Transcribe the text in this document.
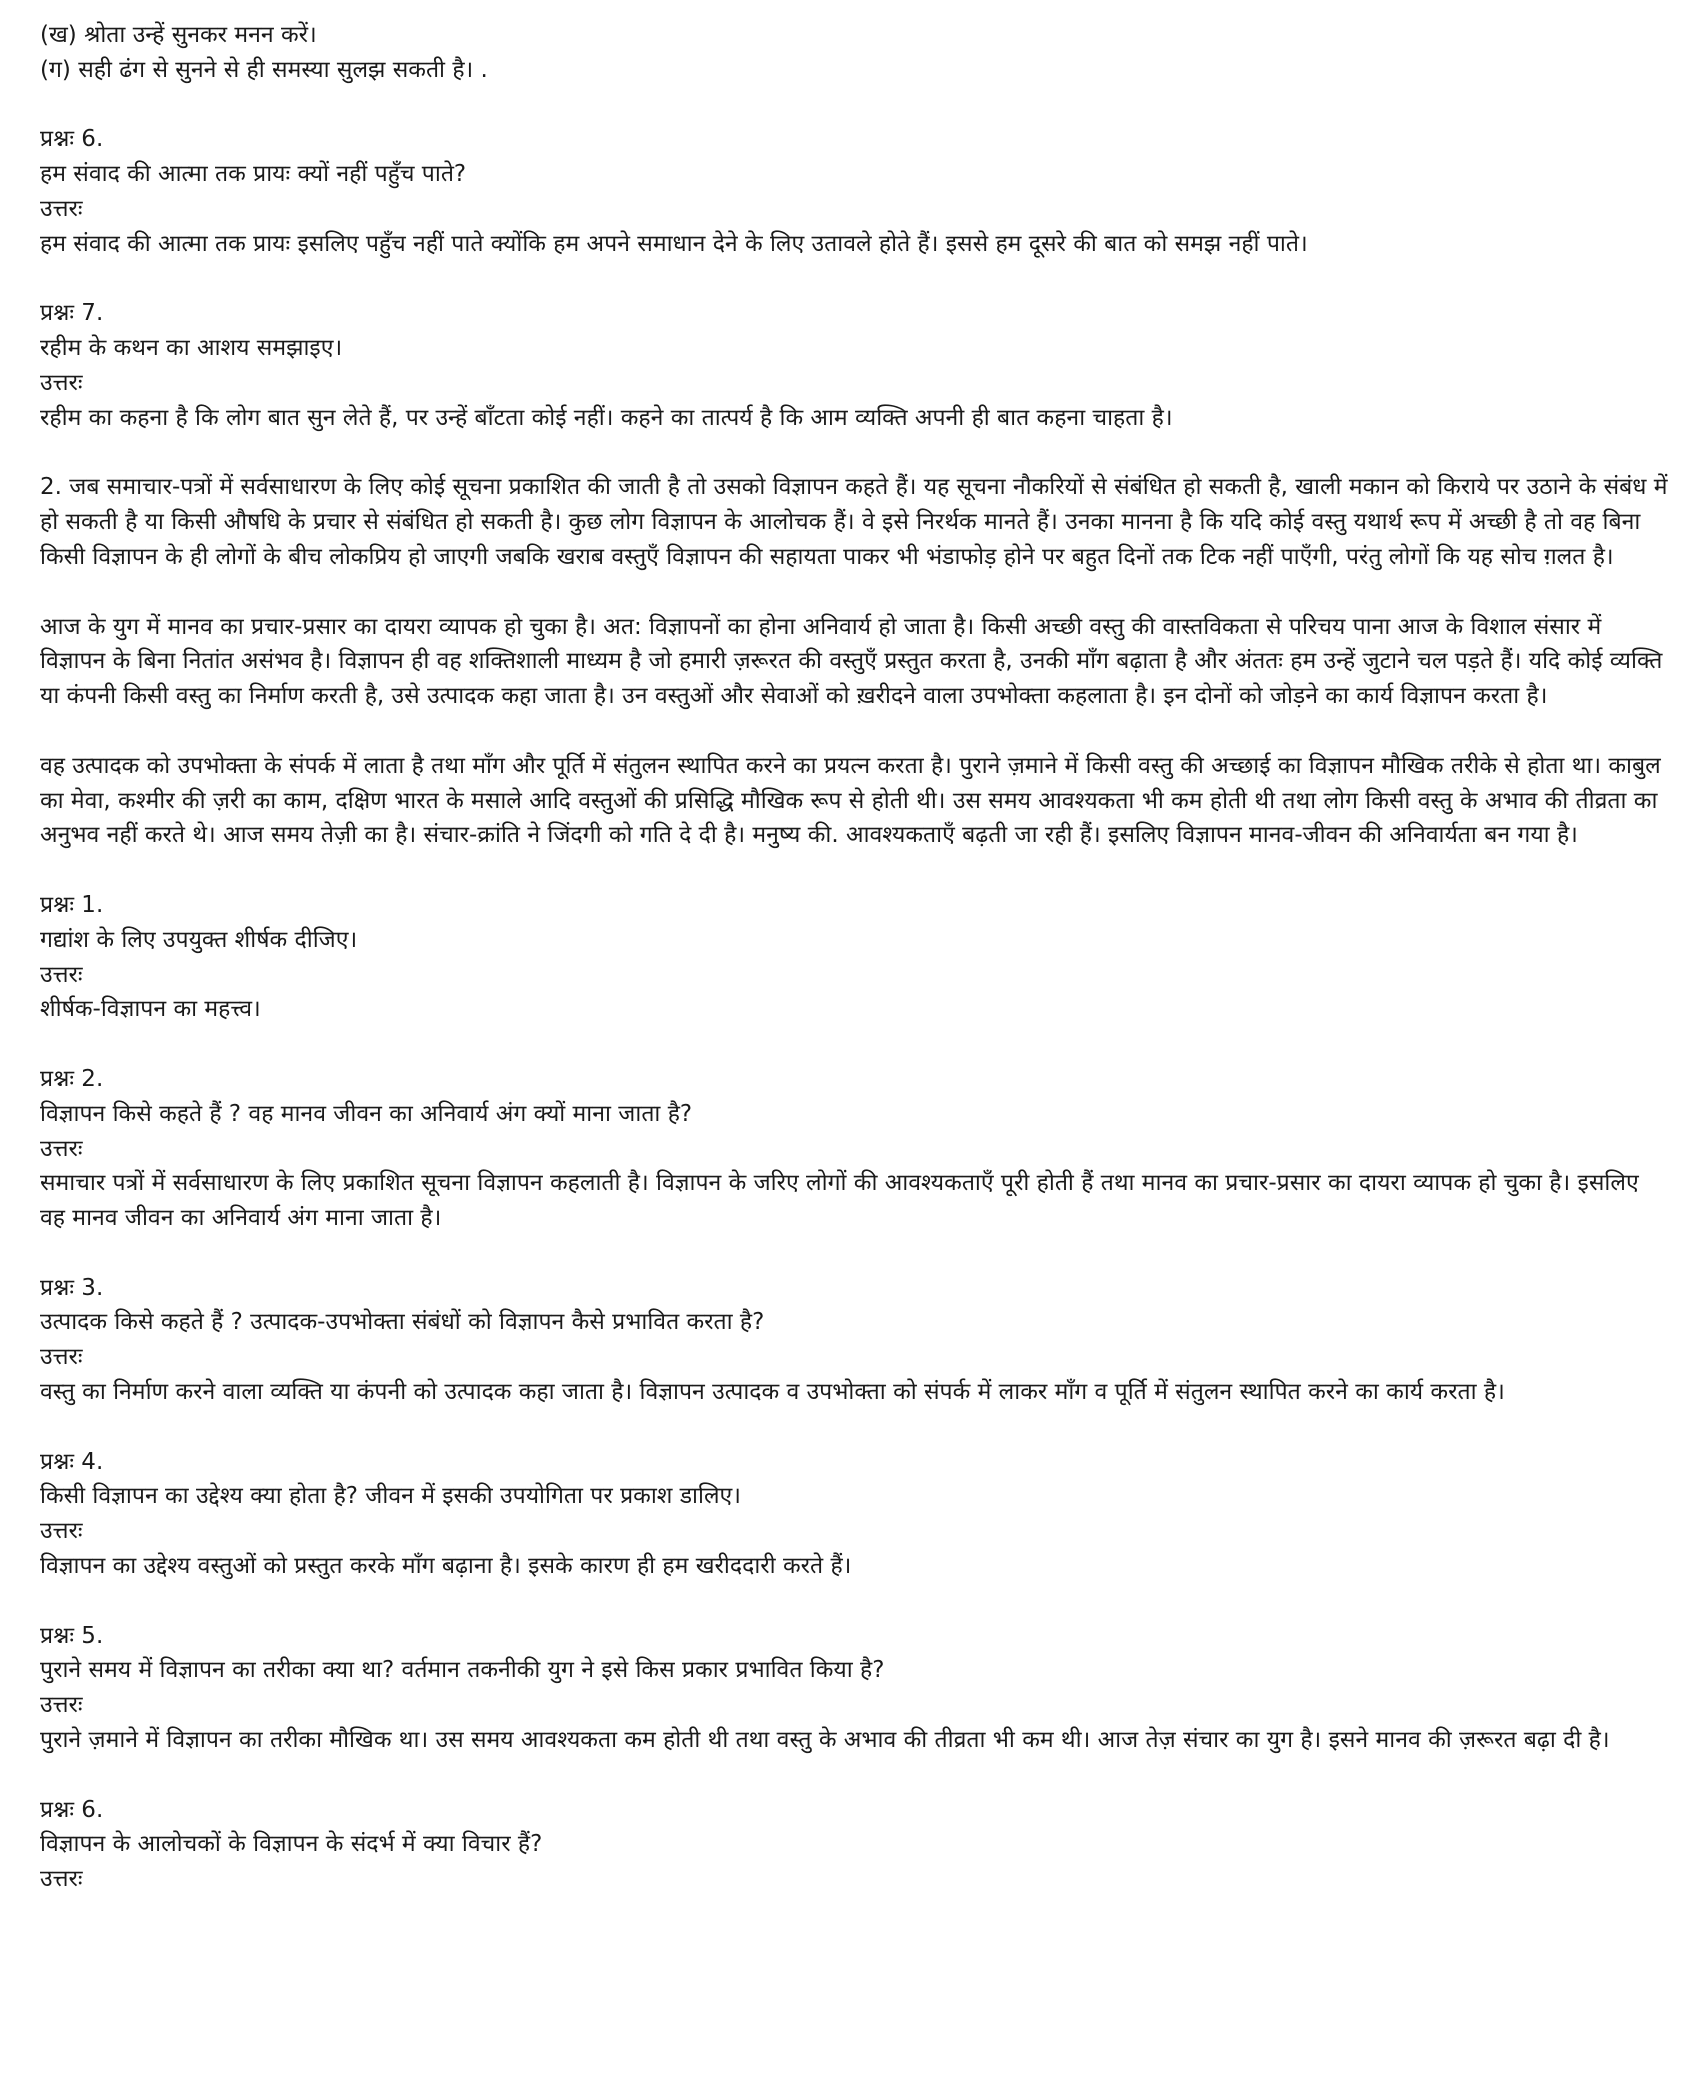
(ख) श्रोता उन्हें सुनकर मनन करें।

(ग) सही ढंग से सुनने से ही समस्या सुलझ सकती है। .

प्रश्नः 6.

हम संवाद की आत्मा तक प्रायः क्यों नहीं पहुँच पाते?

उत्तरः

हम संवाद की आत्मा तक प्रायः इसलिए पहुँच नहीं पाते क्योंकि हम अपने समाधान देने के लिए उतावले होते हैं। इससे हम दूसरे की बात को समझ नहीं पाते।

प्रश्नः 7.

रहीम के कथन का आशय समझाइए।

उत्तरः

रहीम का कहना है कि लोग बात सुन लेते हैं, पर उन्हें बाँटता कोई नहीं। कहने का तात्पर्य है कि आम व्यक्ति अपनी ही बात कहना चाहता है।

2. जब समाचार-पत्रों में सर्वसाधारण के लिए कोई सूचना प्रकाशित की जाती है तो उसको विज्ञापन कहते हैं। यह सूचना नौकरियों से संबंधित हो सकती है, खाली मकान को किराये पर उठाने के संबंध में हो सकती है या किसी औषधि के प्रचार से संबंधित हो सकती है। कुछ लोग विज्ञापन के आलोचक हैं। वे इसे निरर्थक मानते हैं। उनका मानना है कि यदि कोई वस्तु यथार्थ रूप में अच्छी है तो वह बिना किसी विज्ञापन के ही लोगों के बीच लोकप्रिय हो जाएगी जबकि खराब वस्तुएँ विज्ञापन की सहायता पाकर भी भंडाफोड़ होने पर बहुत दिनों तक टिक नहीं पाएँगी, परंतु लोगों कि यह सोच ग़लत है।

आज के युग में मानव का प्रचार-प्रसार का दायरा व्यापक हो चुका है। अत: विज्ञापनों का होना अनिवार्य हो जाता है। किसी अच्छी वस्तु की वास्तविकता से परिचय पाना आज के विशाल संसार में विज्ञापन के बिना नितांत असंभव है। विज्ञापन ही वह शक्तिशाली माध्यम है जो हमारी ज़रूरत की वस्तुएँ प्रस्तुत करता है, उनकी माँग बढ़ाता है और अंततः हम उन्हें जुटाने चल पड़ते हैं। यदि कोई व्यक्ति या कंपनी किसी वस्तु का निर्माण करती है, उसे उत्पादक कहा जाता है। उन वस्तुओं और सेवाओं को ख़रीदने वाला उपभोक्ता कहलाता है। इन दोनों को जोड़ने का कार्य विज्ञापन करता है।

वह उत्पादक को उपभोक्ता के संपर्क में लाता है तथा माँग और पूर्ति में संतुलन स्थापित करने का प्रयत्न करता है। पुराने ज़माने में किसी वस्तु की अच्छाई का विज्ञापन मौखिक तरीके से होता था। काबुल का मेवा, कश्मीर की ज़री का काम, दक्षिण भारत के मसाले आदि वस्तुओं की प्रसिद्धि मौखिक रूप से होती थी। उस समय आवश्यकता भी कम होती थी तथा लोग किसी वस्तु के अभाव की तीव्रता का अनुभव नहीं करते थे। आज समय तेज़ी का है। संचार-क्रांति ने जिंदगी को गति दे दी है। मनुष्य की. आवश्यकताएँ बढ़ती जा रही हैं। इसलिए विज्ञापन मानव-जीवन की अनिवार्यता बन गया है।

प्रश्नः 1.

गद्यांश के लिए उपयुक्त शीर्षक दीजिए।

उत्तरः

शीर्षक-विज्ञापन का महत्त्व।

प्रश्नः 2.

विज्ञापन किसे कहते हैं ? वह मानव जीवन का अनिवार्य अंग क्यों माना जाता है?

उत्तरः

समाचार पत्रों में सर्वसाधारण के लिए प्रकाशित सूचना विज्ञापन कहलाती है। विज्ञापन के जरिए लोगों की आवश्यकताएँ पूरी होती हैं तथा मानव का प्रचार-प्रसार का दायरा व्यापक हो चुका है। इसलिए वह मानव जीवन का अनिवार्य अंग माना जाता है।

प्रश्नः 3.

उत्पादक किसे कहते हैं ? उत्पादक-उपभोक्ता संबंधों को विज्ञापन कैसे प्रभावित करता है?

उत्तरः

वस्तु का निर्माण करने वाला व्यक्ति या कंपनी को उत्पादक कहा जाता है। विज्ञापन उत्पादक व उपभोक्ता को संपर्क में लाकर माँग व पूर्ति में संतुलन स्थापित करने का कार्य करता है।

प्रश्नः 4.

किसी विज्ञापन का उद्देश्य क्या होता है? जीवन में इसकी उपयोगिता पर प्रकाश डालिए।

उत्तरः

विज्ञापन का उद्देश्य वस्तुओं को प्रस्तुत करके माँग बढ़ाना है। इसके कारण ही हम खरीददारी करते हैं।

प्रश्नः 5.

पुराने समय में विज्ञापन का तरीका क्या था? वर्तमान तकनीकी युग ने इसे किस प्रकार प्रभावित किया है?

उत्तरः

पुराने ज़माने में विज्ञापन का तरीका मौखिक था। उस समय आवश्यकता कम होती थी तथा वस्तु के अभाव की तीव्रता भी कम थी। आज तेज़ संचार का युग है। इसने मानव की ज़रूरत बढ़ा दी है।

प्रश्नः 6.

विज्ञापन के आलोचकों के विज्ञापन के संदर्भ में क्या विचार हैं?

उत्तरः
